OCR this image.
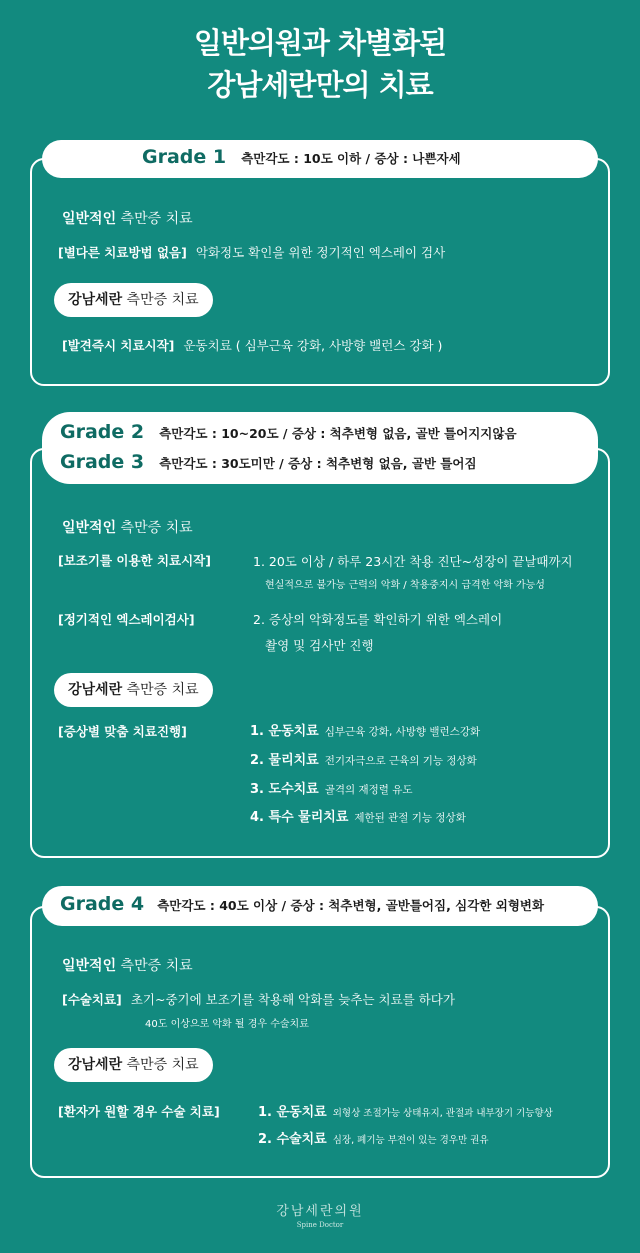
일반의원과 차별화된
강남세란만의 치료
Grade 1 측만각도 : 10도 이하 / 증상 : 나쁜자세
일반적인 측만증 치료
[별다른 치료방법 없음] 악화정도 확인을 위한 정기적인 엑스레이 검사
강남세란 측만증 치료
[발견즉시 치료시작] 운동치료 ( 심부근육 강화, 사방향 밸런스 강화 )
Grade 2 측만각도 : 10~20도 / 증상 : 척추변형 없음, 골반 틀어지지않음
Grade 3 측만각도 : 30도미만 / 증상 : 척추변형 없음, 골반 틀어짐
일반적인 측만증 치료
[보조기를 이용한 치료시작]	1. 20도 이상 / 하루 23시간 착용 진단~성장이 끝날때까지
현실적으로 불가능 근력의 악화 / 착용중지시 급격한 악화 가능성
[정기적인 엑스레이검사]	2. 증상의 악화정도를 확인하기 위한 엑스레이
촬영 및 검사만 진행
강남세란 측만증 치료
[증상별 맞춤 치료진행]	1. 운동치료 심부근육 강화, 사방향 밸런스강화
2. 물리치료 전기자극으로 근육의 기능 정상화
3. 도수치료 골격의 재정렬 유도
4. 특수 물리치료 제한된 관절 기능 정상화
Grade 4 측만각도 : 40도 이상 / 증상 : 척추변형, 골반틀어짐, 심각한 외형변화
일반적인 측만증 치료
[수술치료] 초기~중기에 보조기를 착용해 악화를 늦추는 치료를 하다가
40도 이상으로 악화 될 경우 수술치료
강남세란 측만증 치료
[환자가 원할 경우 수술 치료]	1. 운동치료 외형상 조절가능 상태유지, 관절과 내부장기 기능향상
2. 수술치료 심장, 폐기능 부전이 있는 경우만 권유
강남세란의원
Spine Doctor
